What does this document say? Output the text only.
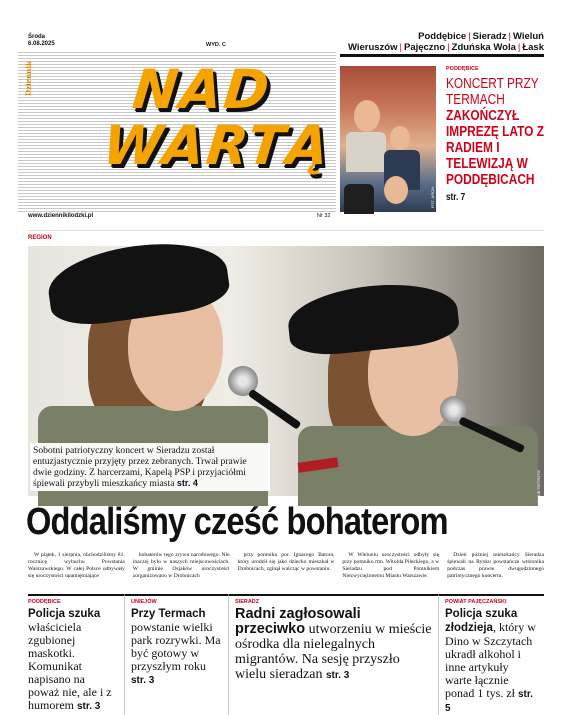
Środa
6.08.2025	WYD. C
Poddębice | Sieradz | Wieluń
Wieruszów | Pajęczno | Zduńska Wola | Łask
Dziennik NAD
WARTĄ
www.dziennikilodzki.pl	Nr 32
FOT. ARCH.
PODDĘBICE
KONCERT PRZY TERMACH ZAKOŃCZYŁ IMPREZĘ LATO Z RADIEM I TELEWIZJĄ W PODDĘBICACH str. 7
REGION
Sobotni patriotyczny koncert w Sieradzu został entuzjastycznie przyjęty przez zebranych. Trwał prawie dwie godziny. Z harcerzami, Kapelą PSP i przyjaciółmi śpiewali przybyli mieszkańcy miasta str. 4
Oddaliśmy cześć bohaterom

W piątek, 1 sierpnia, obchodziliśmy 81. rocznicę wybuchu Powstania Warszawskiego. W całej Polsce odbywały się uroczystości upamiętniające

bohaterów tego zrywu narodowego. Nie inaczej było w naszych miejscowościach. W gminie Osjaków uroczystości zorganizowano w Drobnicach

przy pomniku por. Ignacego Batora, który urodził się jako dziecko mieszkał w Drobnicach, zginął walcząc w powstaniu.

W Wieluniu uroczystości odbyły się przy pomniku rtm. Witolda Pileckiego, a w Sieradzu pod Pomnikiem Niezwyciężonemu Miastu Warszawie.

Dzień później mieszkańcy Sieradza śpiewali na Rynku powstańcze wtórsnika podczas prawie dwugodzinnego patriotycznego koncertu.

PODDĘBICE
Policja szuka właściciela zgubionej maskotki. Komunikat napisano na poważ nie, ale i z humorem str. 3
UNIEJÓW
Przy Termach powstanie wielki park rozrywki. Ma być gotowy w przyszłym roku str. 3
SIERADZ
Radni zagłosowali przeciwko utworzeniu w mieście ośrodka dla nielegalnych migrantów. Na sesję przyszło wielu sieradzan str. 3
POWIAT PAJĘCZAŃSKI
Policja szuka złodzieja, który w Dino w Szczytach ukradł alkohol i inne artykuły warte łącznie ponad 1 tys. zł str. 5
FOT. JAKUB PIETRZYK
